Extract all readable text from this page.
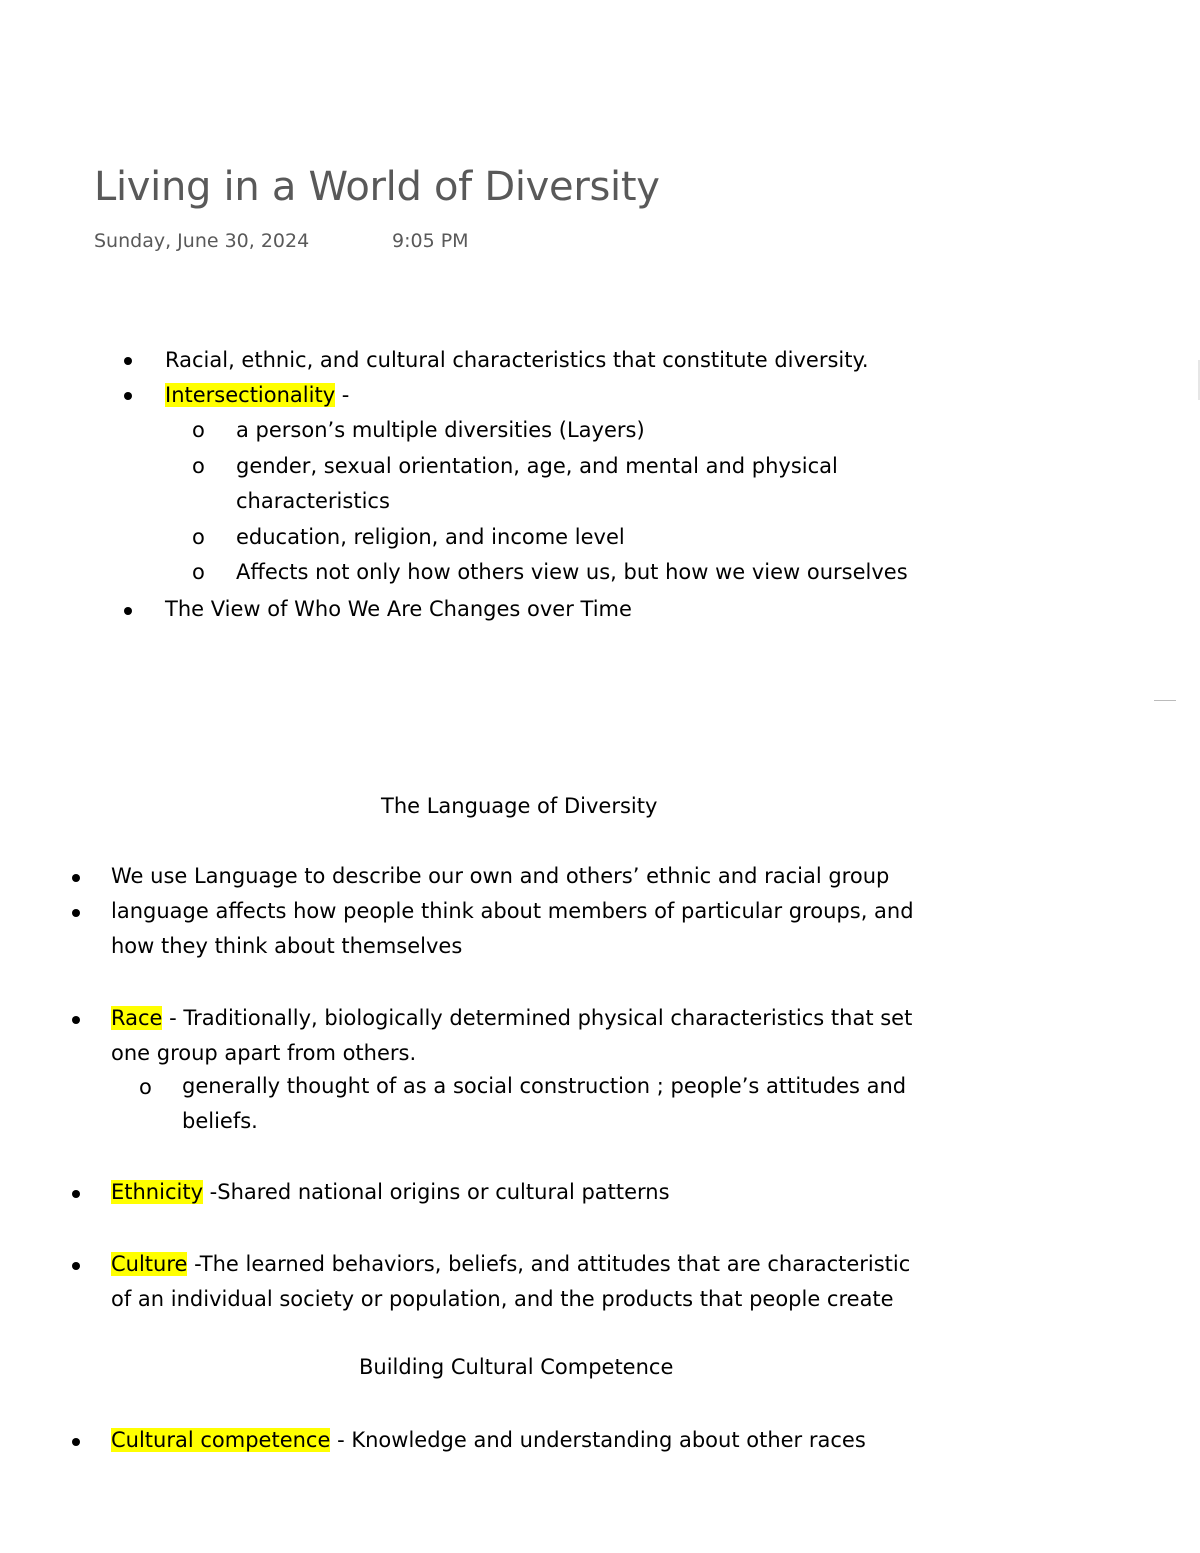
Living in a World of Diversity
Sunday, June 30, 2024	9:05 PM
Racial, ethnic, and cultural characteristics that constitute diversity.
Intersectionality -
o a person’s multiple diversities (Layers)
o gender, sexual orientation, age, and mental and physical
characteristics
o education, religion, and income level
o Affects not only how others view us, but how we view ourselves
The View of Who We Are Changes over Time
The Language of Diversity
We use Language to describe our own and others’ ethnic and racial group
language affects how people think about members of particular groups, and
how they think about themselves
Race - Traditionally, biologically determined physical characteristics that set
one group apart from others.
o generally thought of as a social construction ; people’s attitudes and
beliefs.
Ethnicity -Shared national origins or cultural patterns
Culture -The learned behaviors, beliefs, and attitudes that are characteristic
of an individual society or population, and the products that people create
Building Cultural Competence
Cultural competence - Knowledge and understanding about other races
